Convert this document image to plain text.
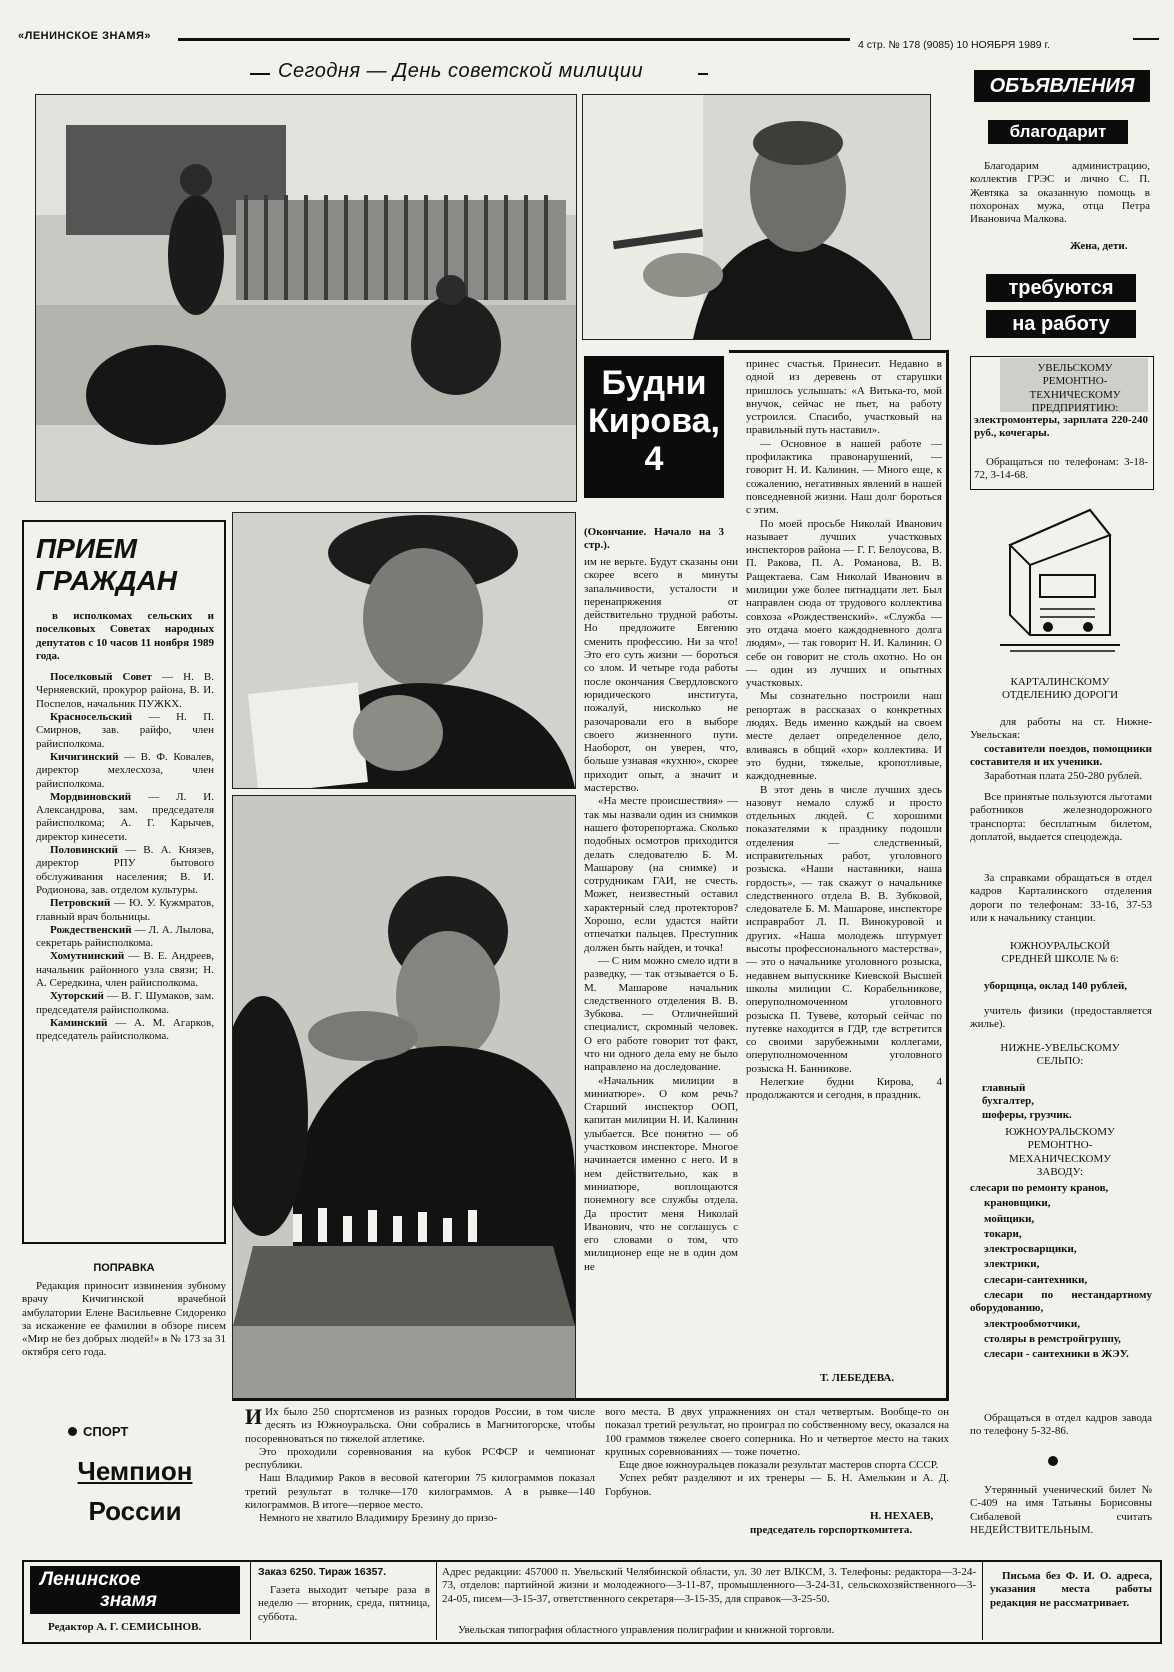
«ЛЕНИНСКОЕ ЗНАМЯ»
4 стр. № 178 (9085) 10 НОЯБРЯ 1989 г.
Сегодня — День советской милиции
Будни
Кирова,
4
(Окончание. Начало на 3 стр.).

им не верьте. Будут сказаны они скорее всего в минуты запальчивости, усталости и перенапряжения от действительно трудной работы. Но предложите Евгению сменить профессию. Ни за что! Это его суть жизни — бороться со злом. И четыре года работы после окончания Свердловского юридического института, пожалуй, нисколько не разочаровали его в выборе своего жизненного пути. Наоборот, он уверен, что, больше узнавая «кухню», скорее приходит опыт, а значит и мастерство.

«На месте происшествия» — так мы назвали один из снимков нашего фоторепортажа. Сколько подобных осмотров приходится делать следователю Б. М. Машарову (на снимке) и сотрудникам ГАИ, не счесть. Может, неизвестный оставил характерный след протекторов? Хорошо, если удастся найти отпечатки пальцев. Преступник должен быть найден, и точка!

— С ним можно смело идти в разведку, — так отзывается о Б. М. Машарове начальник следственного отделения В. В. Зубкова. — Отличнейший специалист, скромный человек. О его работе говорит тот факт, что ни одного дела ему не было направлено на доследование.

«Начальник милиции в миниатюре». О ком речь? Старший инспектор ООП, капитан милиции Н. И. Калинин улыбается. Все понятно — об участковом инспекторе. Многое начинается именно с него. И в нем действительно, как в миниатюре, воплощаются понемногу все службы отдела. Да простит меня Николай Иванович, что не соглашусь с его словами о том, что милиционер еще не в один дом не

принес счастья. Принесит. Недавно в одной из деревень от старушки пришлось услышать: «А Витька-то, мой внучок, сейчас не пьет, на работу устроился. Спасибо, участковый на правильный путь наставил».

— Основное в нашей работе — профилактика правонарушений, — говорит Н. И. Калинин. — Много еще, к сожалению, негативных явлений в нашей повседневной жизни. Наш долг бороться с этим.

По моей просьбе Николай Иванович называет лучших участковых инспекторов района — Г. Г. Белоусова, В. П. Ракова, П. А. Романова, В. В. Ращектаева. Сам Николай Иванович в милиции уже более пятнадцати лет. Был направлен сюда от трудового коллектива совхоза «Рождественский». «Служба — это отдача моего каждодневного долга людям», — так говорит Н. И. Калинин. О себе он говорит не столь охотно. Но он — один из лучших и опытных участковых.

Мы сознательно построили наш репортаж в рассказах о конкретных людях. Ведь именно каждый на своем месте делает определенное дело, вливаясь в общий «хор» коллектива. И это будни, тяжелые, кропотливые, каждодневные.

В этот день в числе лучших здесь назовут немало служб и просто отдельных людей. С хорошими показателями к празднику подошли отделения — следственный, исправительных работ, уголовного розыска. «Наши наставники, наша гордость», — так скажут о начальнике следственного отдела В. В. Зубковой, следователе Б. М. Машарове, инспекторе исправработ Л. П. Винокуровой и других. «Наша молодежь штурмует высоты профессионального мастерства», — это о начальнике уголовного розыска, недавнем выпускнике Киевской Высшей школы милиции С. Корабельникове, оперуполномоченном уголовного розыска П. Тувеве, который сейчас по путевке находится в ГДР, где встретится со своими зарубежными коллегами, оперуполномоченном уголовного розыска Н. Банникове.

Нелегкие будни Кирова, 4 продолжаются и сегодня, в праздник.

Т. ЛЕБЕДЕВА.
ПРИЕМ
ГРАЖДАН
в исполкомах сельских и поселковых Советах народных депутатов с 10 часов 11 ноября 1989 года.

Поселковый Совет — Н. В. Черняевский, прокурор района, В. И. Поспелов, начальник ПУЖКХ.

Красносельский — Н. П. Смирнов, зав. райфо, член райисполкома.

Кичигинский — В. Ф. Ковалев, директор мехлесхоза, член райисполкома.

Мордвиновский — Л. И. Александрова, зам. председателя райисполкома; А. Г. Карычев, директор кинесети.

Половинский — В. А. Князев, директор РПУ бытового обслуживания населения; В. И. Родионова, зав. отделом культуры.

Петровский — Ю. У. Кужмратов, главный врач больницы.

Рождественский — Л. А. Лылова, секретарь райисполкома.

Хомутнинский — В. Е. Андреев, начальник районного узла связи; Н. А. Середкина, член райисполкома.

Хуторский — В. Г. Шумаков, зам. председателя райисполкома.

Каминский — А. М. Агарков, председатель райисполкома.

ПОПРАВКА
Редакция приносит извинения зубному врачу Кичигинской врачебной амбулатории Елене Васильевне Сидоренко за искажение ее фамилии в обзоре писем «Мир не без добрых людей!» в № 173 за 31 октября сего года.
СПОРТ
Чемпион
России

И Их было 250 спортсменов из разных городов России, в том числе десять из Южноуральска. Они собрались в Магнитогорске, чтобы посоревноваться по тяжелой атлетике.

Это проходили соревнования на кубок РСФСР и чемпионат республики.

Наш Владимир Раков в весовой категории 75 килограммов показал третий результат в толчке—170 килограммов. А в рывке—140 килограммов. В итоге—первое место.

Немного не хватило Владимиру Брезину до призо-

вого места. В двух упражнениях он стал четвертым. Вообще-то он показал третий результат, но проиграл по собственному весу, оказался на 100 граммов тяжелее своего соперника. Но и четвертое место на таких крупных соревнованиях — тоже почетно.

Еще двое южноуральцев показали результат мастеров спорта СССР.

Успех ребят разделяют и их тренеры — Б. Н. Амелькин и А. Д. Горбунов.

Н. НЕХАЕВ,
председатель горспорткомитета.
ОБЪЯВЛЕНИЯ
благодарит
Благодарим администрацию, коллектив ГРЭС и лично С. П. Жевтяка за оказанную помощь в похоронах мужа, отца Петра Ивановича Малкова.
Жена, дети.
требуются
на работу
УВЕЛЬСКОМУ РЕМОНТНО-ТЕХНИЧЕСКОМУ ПРЕДПРИЯТИЮ:
электромонтеры, зарплата 220-240 руб., кочегары.
Обращаться по телефонам: 3-18-72, 3-14-68.
КАРТАЛИНСКОМУ ОТДЕЛЕНИЮ ДОРОГИ
для работы на ст. Нижне-Увельская:
составители поездов, помощники составителя и их ученики.
Заработная плата 250-280 рублей.
Все принятые пользуются льготами работников железнодорожного транспорта: бесплатным билетом, доплатой, выдается спецодежда.
За справками обращаться в отдел кадров Карталинского отделения дороги по телефонам: 33-16, 37-53 или к начальнику станции.
ЮЖНОУРАЛЬСКОЙ СРЕДНЕЙ ШКОЛЕ № 6:
уборщица, оклад 140 рублей,
учитель физики (предоставляется жилье).
НИЖНЕ-УВЕЛЬСКОМУ СЕЛЬПО:
главный бухгалтер, шоферы, грузчик.
ЮЖНОУРАЛЬСКОМУ РЕМОНТНО-МЕХАНИЧЕСКОМУ ЗАВОДУ:

слесари по ремонту кранов,

крановщики,

мойщики,

токари,

электросварщики,

электрики,

слесари-сантехники,

слесари по нестандартному оборудованию,

электрообмотчики,

столяры в ремстройгруппу,

слесари - сантехники в ЖЭУ.

Обращаться в отдел кадров завода по телефону 5-32-86.
Утерянный ученический билет № С-409 на имя Татьяны Борисовны Сибалевой считать НЕДЕЙСТВИТЕЛЬНЫМ.
Ленинское
знамя
Редактор А. Г. СЕМИСЫНОВ.
Заказ 6250. Тираж 16357.
Газета выходит четыре раза в неделю — вторник, среда, пятница, суббота.
Адрес редакции: 457000 п. Увельский Челябинской области, ул. 30 лет ВЛКСМ, 3. Телефоны: редактора—3-24-73, отделов: партийной жизни и молодежного—3-11-87, промышленного—3-24-31, сельскохозяйственного—3-24-05, писем—3-15-37, ответственного секретаря—3-15-35, для справок—3-25-50.
Увельская типография областного управления полиграфии и книжной торговли.
Письма без Ф. И. О. адреса, указания места работы редакция не рассматривает.
